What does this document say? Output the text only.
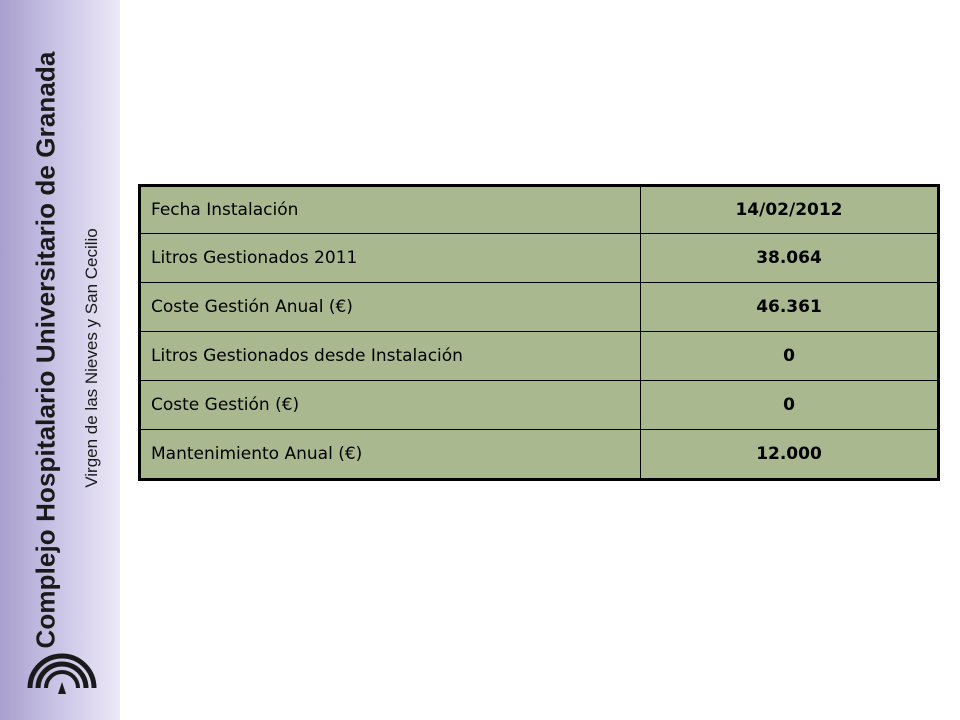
Complejo Hospitalario Universitario de Granada Virgen de las Nieves y San Cecilio
Fecha Instalación	14/02/2012
Litros Gestionados 2011	38.064
Coste Gestión Anual (€)	46.361
Litros Gestionados desde Instalación	0
Coste Gestión (€)	0
Mantenimiento Anual (€)	12.000
